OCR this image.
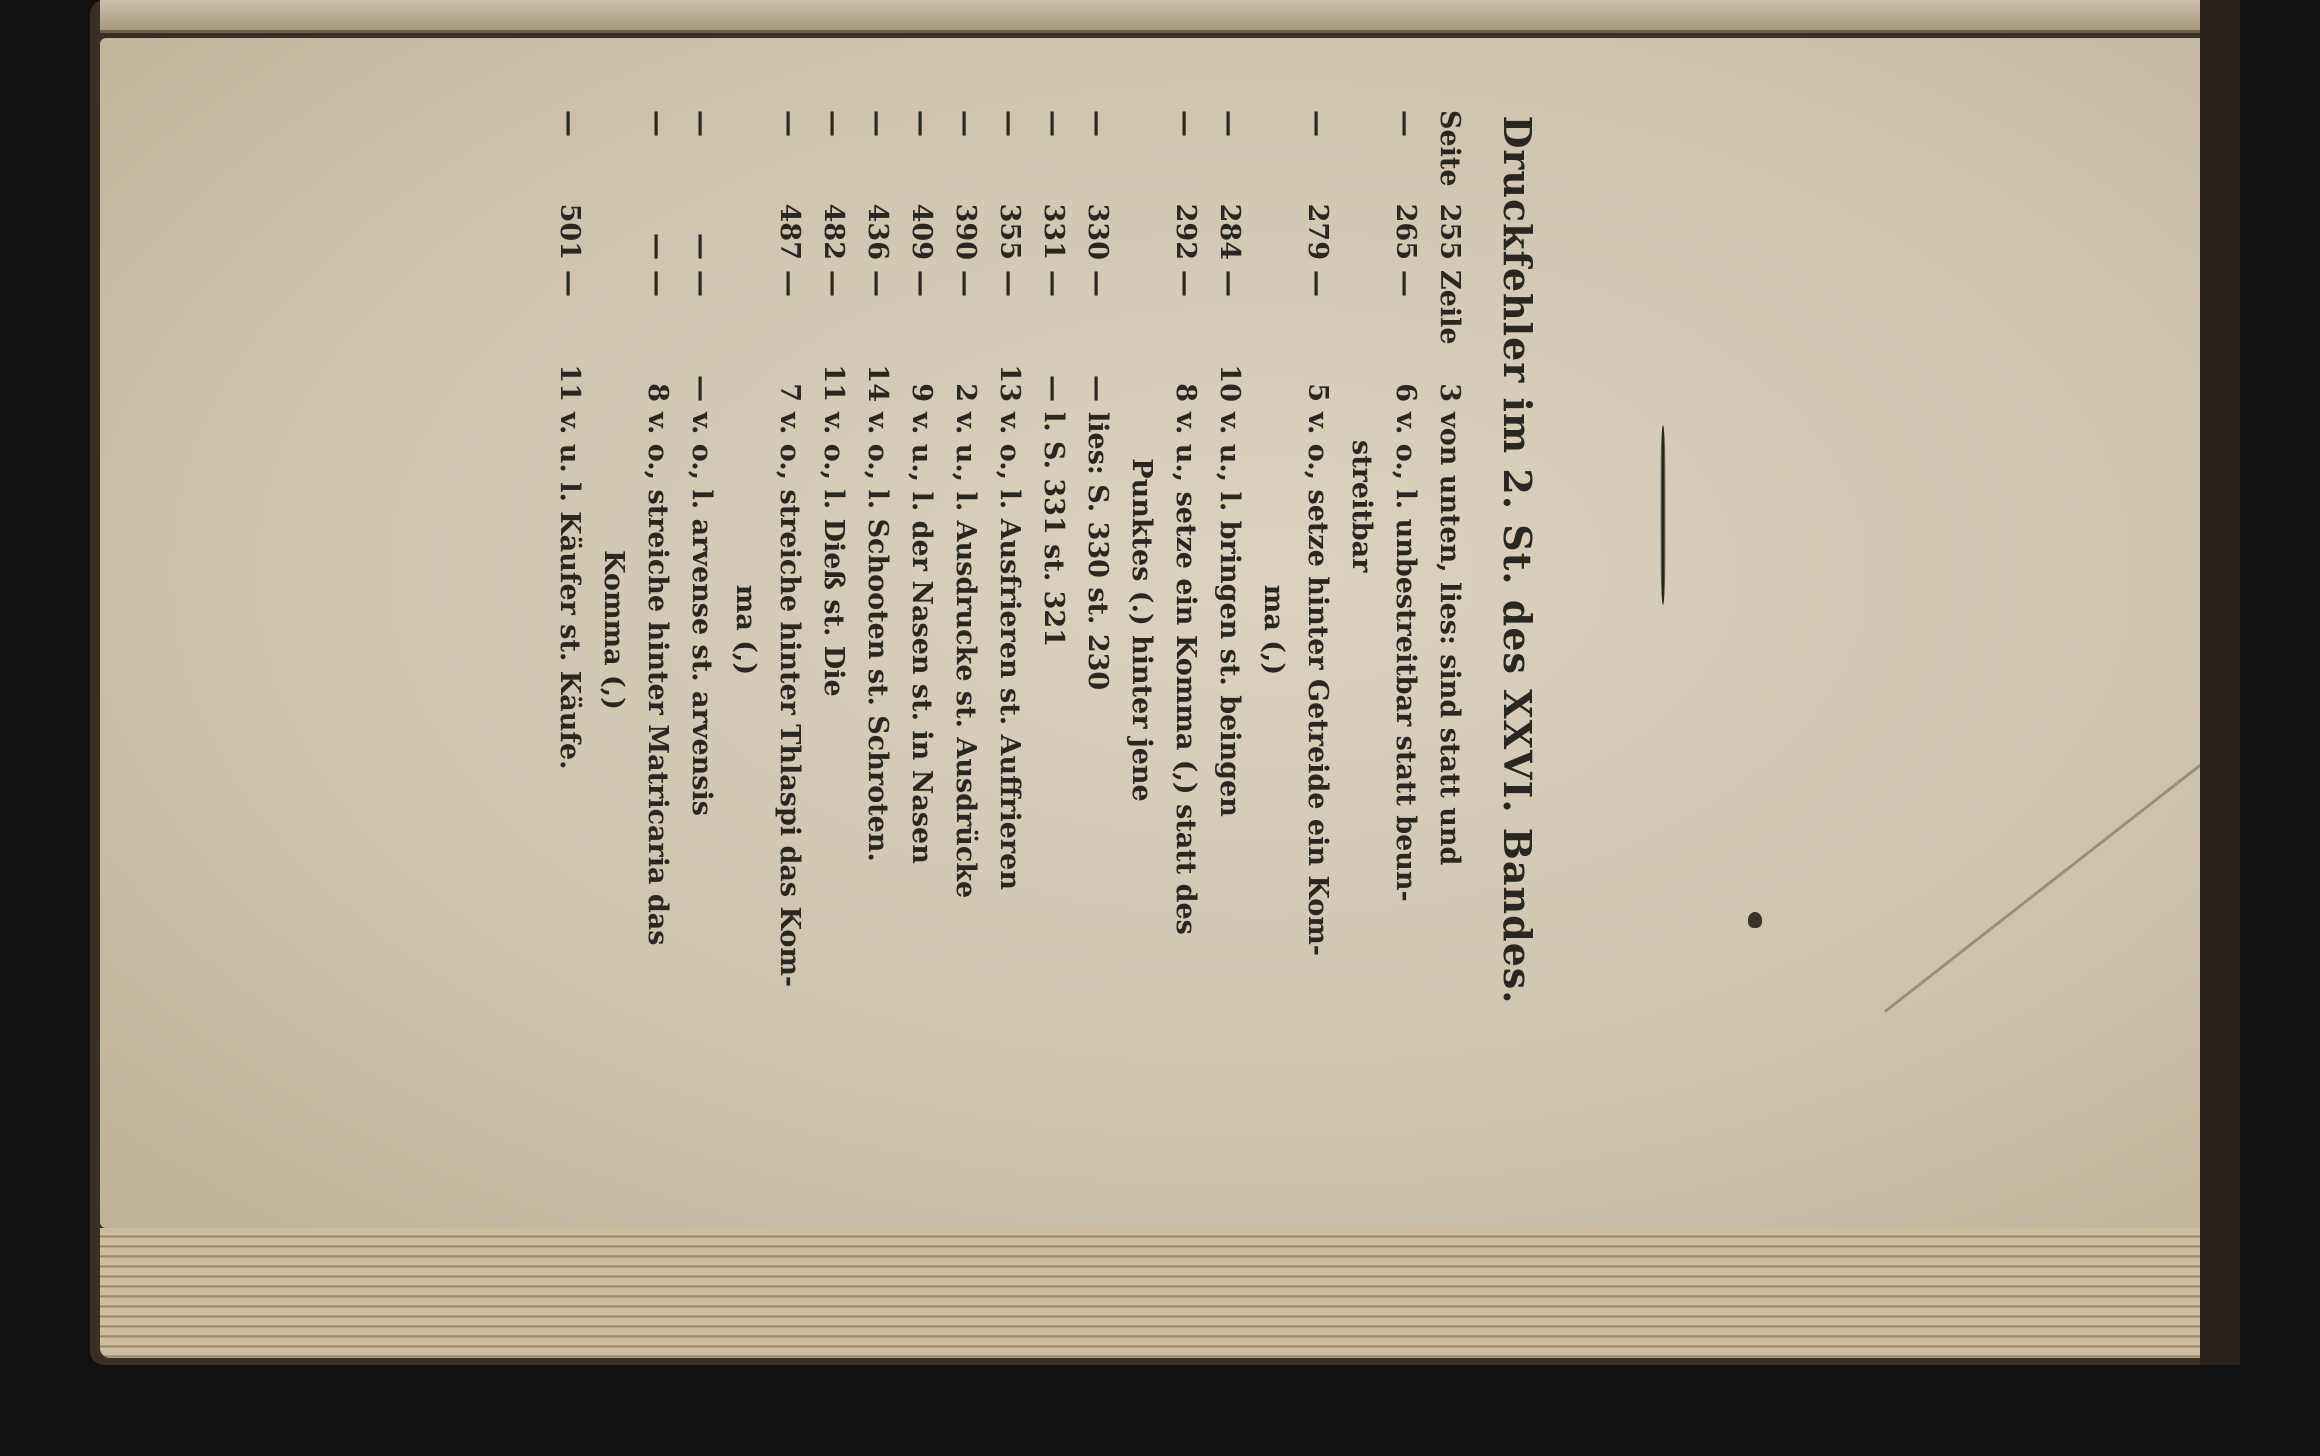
Druckfehler im 2. St. des XXVI. Bandes.
Seite
255
Zeile
3
von unten, lies: sind statt und
—
265
—
6
v. o., l. unbestreitbar statt beun-
streitbar
—
279
—
5
v. o., setze hinter Getreide ein Kom-
ma (,)
—
284
—
10
v. u., l. bringen st. beingen
—
292
—
8
v. u., setze ein Komma (,) statt des
Punktes (.) hinter jene
—
330
—
—
lies: S. 330 st. 230
—
331
—
—
l. S. 331 st. 321
—
355
—
13
v. o., l. Ausfrieren st. Auffrieren
—
390
—
2
v. u., l. Ausdrucke st. Ausdrücke
—
409
—
9
v. u., l. der Nasen st. in Nasen
—
436
—
14
v. o., l. Schooten st. Schroten.
—
482
—
11
v. o., l. Dieß st. Die
—
487
—
7
v. o., streiche hinter Thlaspi das Kom-
ma (,)
—
—
—
—
v. o., l. arvense st. arvensis
—
—
—
8
v. o., streiche hinter Matricaria das
Komma (,)
—
501
—
11
v. u. l. Käufer st. Käufe.
